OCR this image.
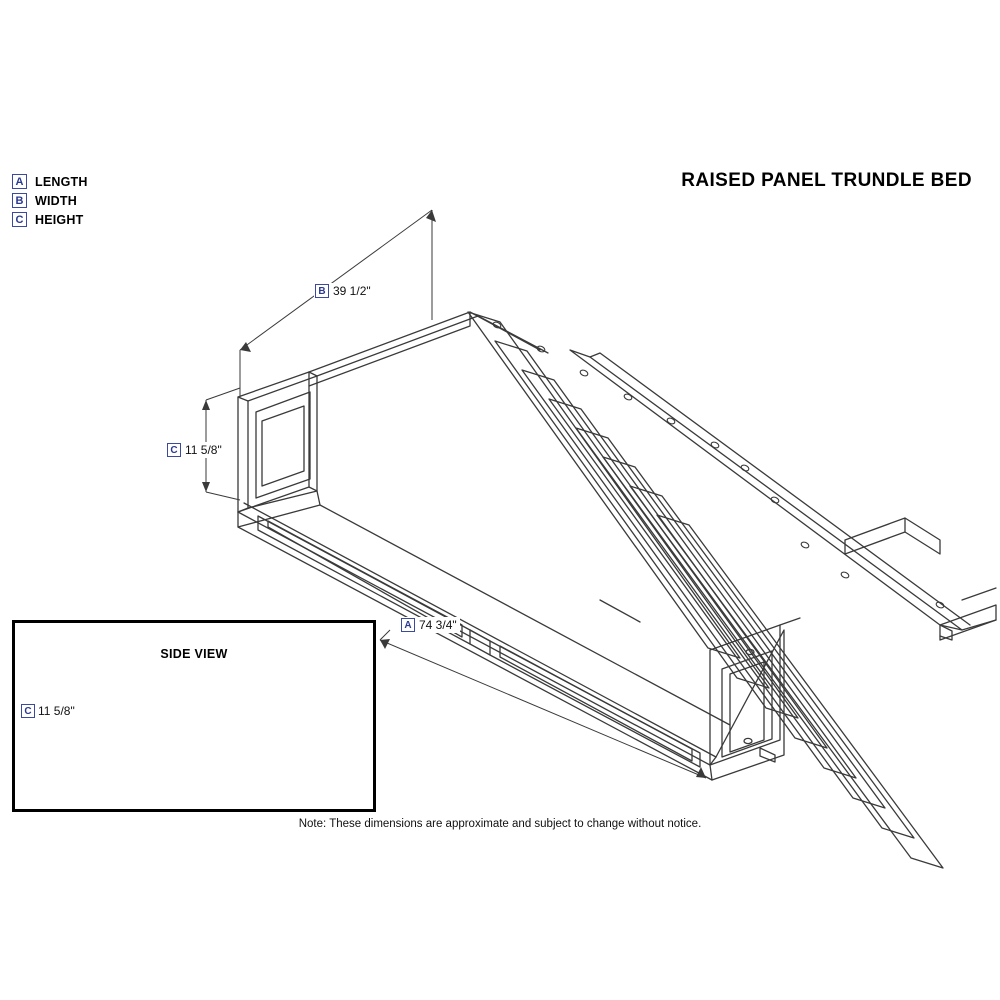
A LENGTH
B WIDTH
C HEIGHT
RAISED PANEL TRUNDLE BED
B 39 1/2"
C 11 5/8"
A 74 3/4"
SIDE VIEW
C 11 5/8"
Note: These dimensions are approximate and subject to change without notice.
